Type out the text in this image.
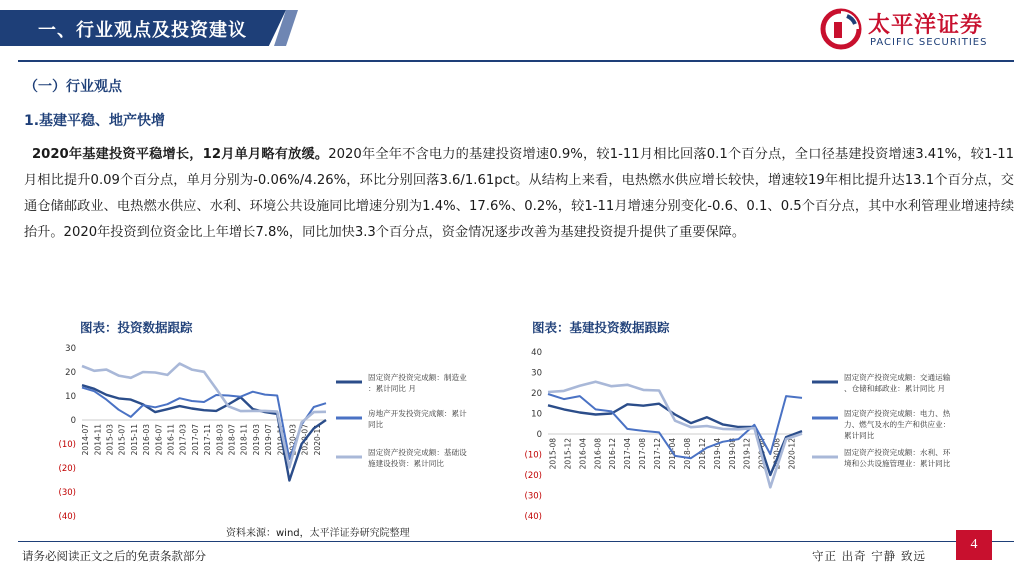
一、行业观点及投资建议	太平洋证券
PACIFIC SECURITIES
（一）行业观点
1.基建平稳、地产快增
2020年基建投资平稳增长，12月单月略有放缓。2020年全年不含电力的基建投资增速0.9%，较1-11月相比回落0.1个百分点，全口径基建投资增速3.41%，较1-11月相比提升0.09个百分点，单月分别为-0.06%/4.26%，环比分别回落3.6/1.61pct。从结构上来看，电热燃水供应增长较快，增速较19年相比提升达13.1个百分点，交通仓储邮政业、电热燃水供应、水利、环境公共设施同比增速分别为1.4%、17.6%、0.2%，较1-11月增速分别变化-0.6、0.1、0.5个百分点，其中水利管理业增速持续抬升。2020年投资到位资金比上年增长7.8%，同比加快3.3个百分点，资金情况逐步改善为基建投资提升提供了重要保障。
图表：投资数据跟踪
30
20
10
0
(10)
(20)
(30)
(40)
2014-07 2014-11 2015-03 2015-07 2015-11 2016-03 2016-07 2016-11 2017-03 2017-07 2017-11 2018-03 2018-07 2018-11 2019-03 2019-07 2019-11 2020-03 2020-07 2020-11
固定资产投资完成额：制造业：累计同比 月
房地产开发投资完成额：累计同比
固定资产投资完成额：基础设施建设投资：累计同比
图表：基建投资数据跟踪
40
30
20
10
0
(10)
(20)
(30)
(40)
2015-08 2015-12 2016-04 2016-08 2016-12 2017-04 2017-08 2017-12 2018-04 2018-08 2018-12 2019-04 2019-08 2019-12 2020-04 2020-08 2020-12
固定资产投资完成额：交通运输、仓储和邮政业：累计同比 月
固定资产投资完成额：电力、热力、燃气及水的生产和供应业：累计同比
固定资产投资完成额：水利、环境和公共设施管理业：累计同比
资料来源：wind，太平洋证券研究院整理
请务必阅读正文之后的免责条款部分	守正 出奇 宁静 致远
4
